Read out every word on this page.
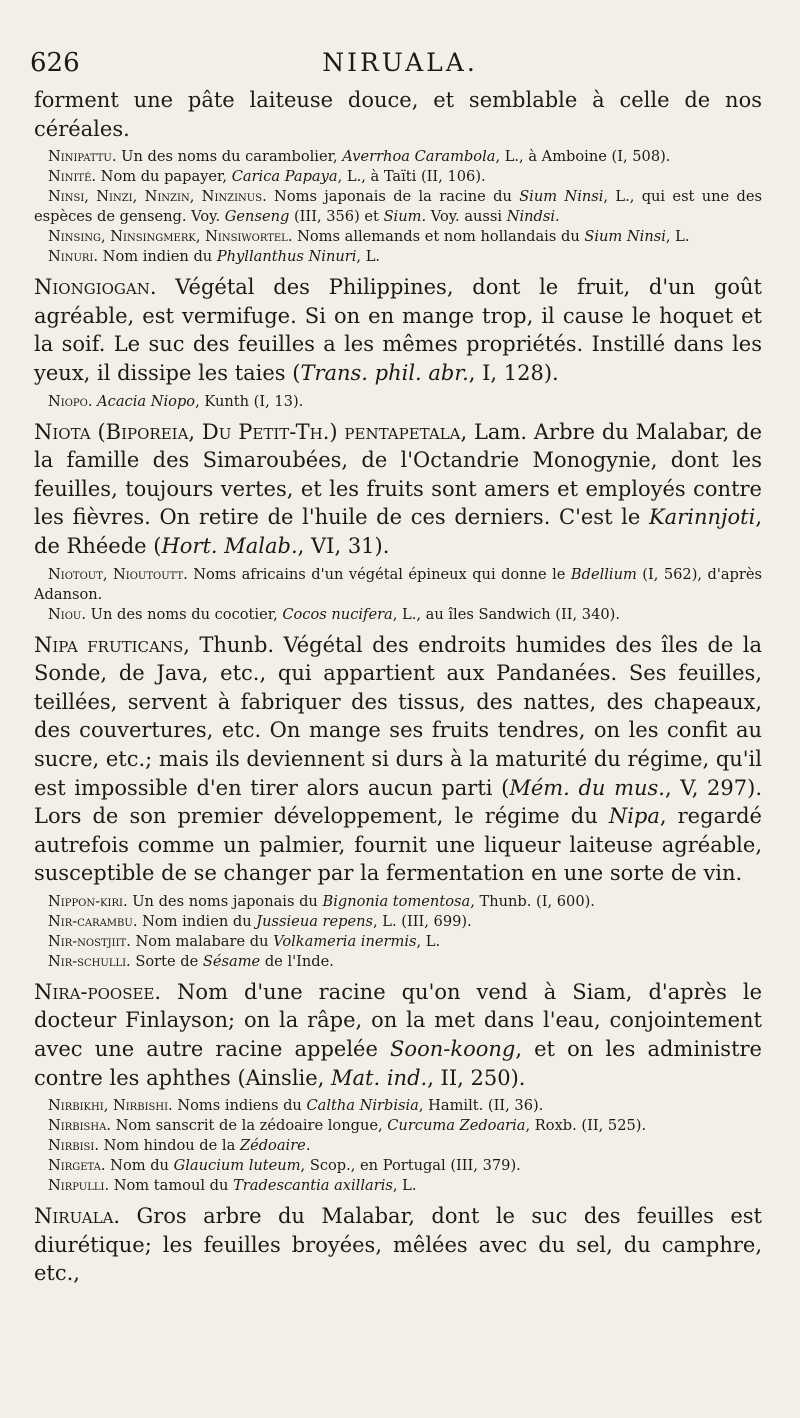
626	NIRUALA.

forment une pâte laiteuse douce, et semblable à celle de nos céréales.

Ninipattu. Un des noms du carambolier, Averrhoa Carambola, L., à Amboine (I, 508).

Ninité. Nom du papayer, Carica Papaya, L., à Taïti (II, 106).

Ninsi, Ninzi, Ninzin, Ninzinus. Noms japonais de la racine du Sium Ninsi, L., qui est une des espèces de genseng. Voy. Genseng (III, 356) et Sium. Voy. aussi Nindsi.

Ninsing, Ninsingmerk, Ninsiwortel. Noms allemands et nom hollandais du Sium Ninsi, L.

Ninuri. Nom indien du Phyllanthus Ninuri, L.

Niongiogan. Végétal des Philippines, dont le fruit, d'un goût agréable, est vermifuge. Si on en mange trop, il cause le hoquet et la soif. Le suc des feuilles a les mêmes propriétés. Instillé dans les yeux, il dissipe les taies (Trans. phil. abr., I, 128).

Niopo. Acacia Niopo, Kunth (I, 13).

Niota (Biporeia, Du Petit-Th.) pentapetala, Lam. Arbre du Malabar, de la famille des Simaroubées, de l'Octandrie Monogynie, dont les feuilles, toujours vertes, et les fruits sont amers et employés contre les fièvres. On retire de l'huile de ces derniers. C'est le Karinnjoti, de Rhéede (Hort. Malab., VI, 31).

Niotout, Nioutoutt. Noms africains d'un végétal épineux qui donne le Bdellium (I, 562), d'après Adanson.

Niou. Un des noms du cocotier, Cocos nucifera, L., au îles Sandwich (II, 340).

Nipa fruticans, Thunb. Végétal des endroits humides des îles de la Sonde, de Java, etc., qui appartient aux Pandanées. Ses feuilles, teillées, servent à fabriquer des tissus, des nattes, des chapeaux, des couvertures, etc. On mange ses fruits tendres, on les confit au sucre, etc.; mais ils deviennent si durs à la maturité du régime, qu'il est impossible d'en tirer alors aucun parti (Mém. du mus., V, 297). Lors de son premier développement, le régime du Nipa, regardé autrefois comme un palmier, fournit une liqueur laiteuse agréable, susceptible de se changer par la fermentation en une sorte de vin.

Nippon-kiri. Un des noms japonais du Bignonia tomentosa, Thunb. (I, 600).

Nir-carambu. Nom indien du Jussieua repens, L. (III, 699).

Nir-nostjiit. Nom malabare du Volkameria inermis, L.

Nir-schulli. Sorte de Sésame de l'Inde.

Nira-poosee. Nom d'une racine qu'on vend à Siam, d'après le docteur Finlayson; on la râpe, on la met dans l'eau, conjointement avec une autre racine appelée Soon-koong, et on les administre contre les aphthes (Ainslie, Mat. ind., II, 250).

Nirbikhi, Nirbishi. Noms indiens du Caltha Nirbisia, Hamilt. (II, 36).

Nirbisha. Nom sanscrit de la zédoaire longue, Curcuma Zedoaria, Roxb. (II, 525).

Nirbisi. Nom hindou de la Zédoaire.

Nirgeta. Nom du Glaucium luteum, Scop., en Portugal (III, 379).

Nirpulli. Nom tamoul du Tradescantia axillaris, L.

Niruala. Gros arbre du Malabar, dont le suc des feuilles est diurétique; les feuilles broyées, mêlées avec du sel, du camphre, etc.,
